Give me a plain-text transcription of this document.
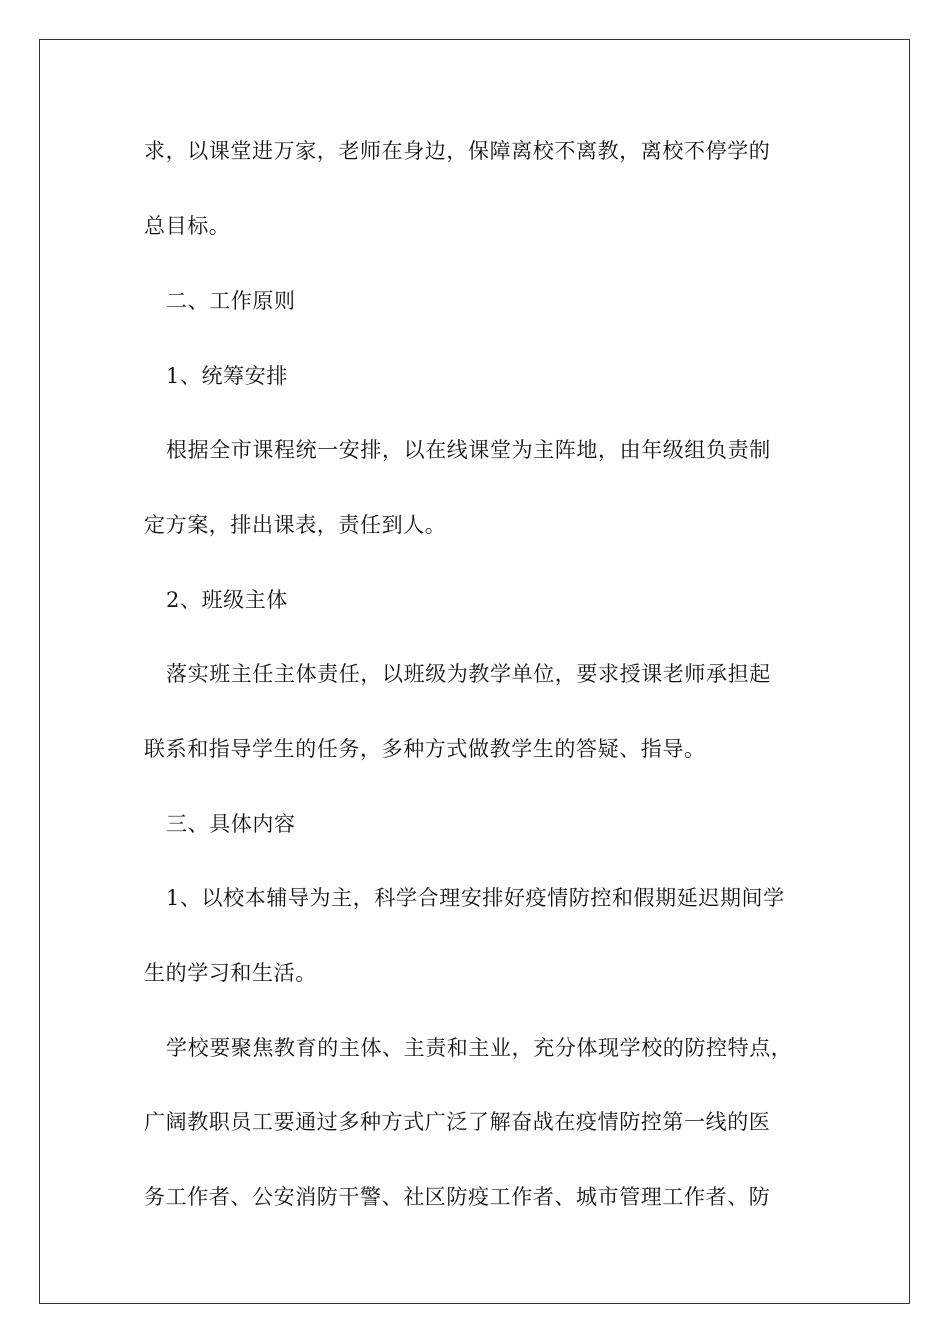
求，以课堂进万家，老师在身边，保障离校不离教，离校不停学的
总目标。
二、工作原则
1、统筹安排
根据全市课程统一安排，以在线课堂为主阵地，由年级组负责制
定方案，排出课表，责任到人。
2、班级主体
落实班主任主体责任，以班级为教学单位，要求授课老师承担起
联系和指导学生的任务，多种方式做教学生的答疑、指导。
三、具体内容
1、以校本辅导为主，科学合理安排好疫情防控和假期延迟期间学
生的学习和生活。
学校要聚焦教育的主体、主责和主业，充分体现学校的防控特点，
广阔教职员工要通过多种方式广泛了解奋战在疫情防控第一线的医
务工作者、公安消防干警、社区防疫工作者、城市管理工作者、防
